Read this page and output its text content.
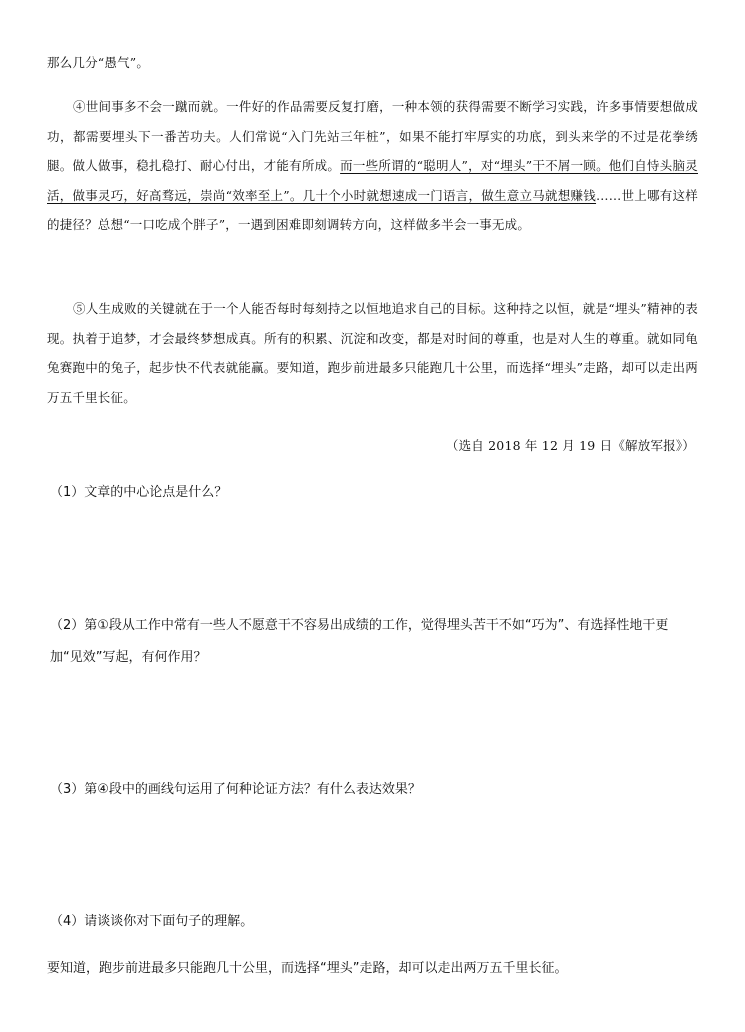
那么几分“愚气”。

④世间事多不会一蹴而就。一件好的作品需要反复打磨，一种本领的获得需要不断学习实践，许多事情要想做成功，都需要埋头下一番苦功夫。人们常说“入门先站三年桩”，如果不能打牢厚实的功底，到头来学的不过是花拳绣腿。做人做事，稳扎稳打、耐心付出，才能有所成。而一些所谓的“聪明人”，对“埋头”干不屑一顾。他们自恃头脑灵活，做事灵巧，好高骛远，崇尚“效率至上”。几十个小时就想速成一门语言，做生意立马就想赚钱……世上哪有这样的捷径？总想“一口吃成个胖子”，一遇到困难即刻调转方向，这样做多半会一事无成。

⑤人生成败的关键就在于一个人能否每时每刻持之以恒地追求自己的目标。这种持之以恒，就是“埋头”精神的表现。执着于追梦，才会最终梦想成真。所有的积累、沉淀和改变，都是对时间的尊重，也是对人生的尊重。就如同龟兔赛跑中的兔子，起步快不代表就能赢。要知道，跑步前进最多只能跑几十公里，而选择“埋头”走路，却可以走出两万五千里长征。

（选自 2018 年 12 月 19 日《解放军报》）

（1）文章的中心论点是什么？

（2）第①段从工作中常有一些人不愿意干不容易出成绩的工作，觉得埋头苦干不如“巧为”、有选择性地干更加“见效”写起，有何作用？

（3）第④段中的画线句运用了何种论证方法？有什么表达效果？

（4）请谈谈你对下面句子的理解。

要知道，跑步前进最多只能跑几十公里，而选择“埋头”走路，却可以走出两万五千里长征。
